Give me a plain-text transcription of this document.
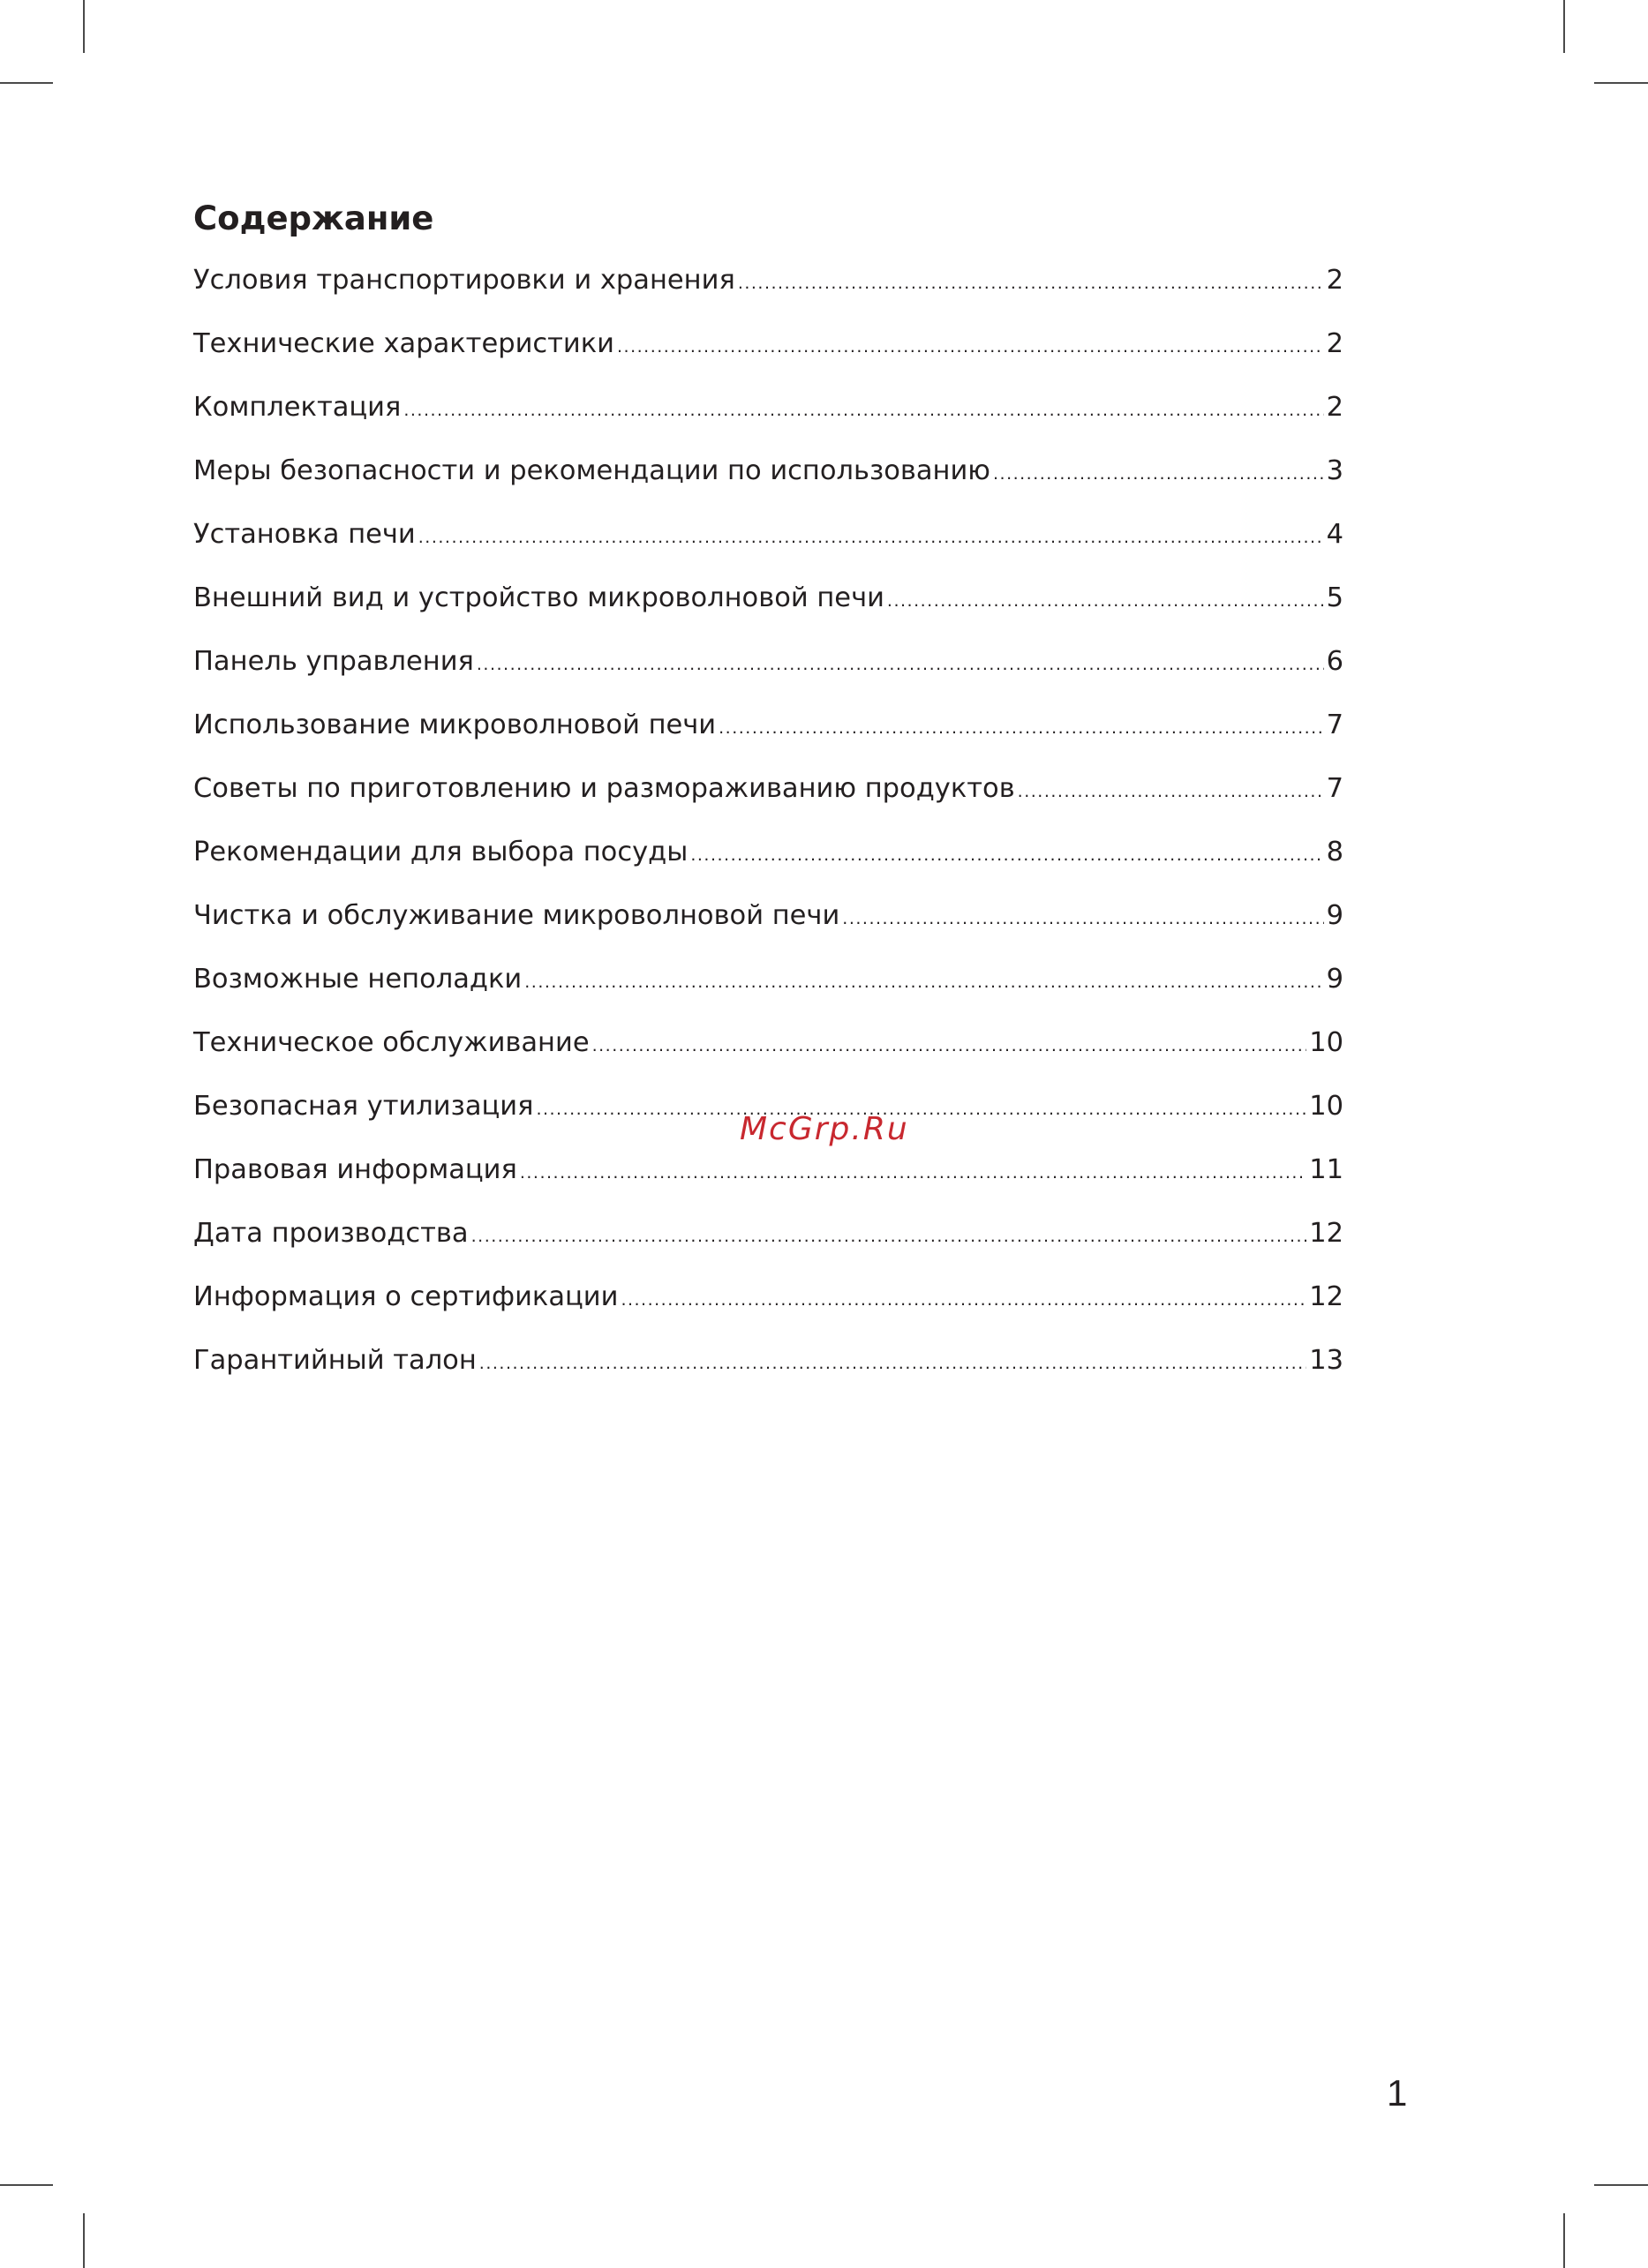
Содержание
Условия транспортировки и хранения .....	2
Технические характеристики .....	2
Комплектация .....	2
Меры безопасности и рекомендации по использованию .....	3
Установка печи .....	4
Внешний вид и устройство микроволновой печи .....	5
Панель управления .....	6
Использование микроволновой печи .....	7
Советы по приготовлению и размораживанию продуктов .....	7
Рекомендации для выбора посуды .....	8
Чистка и обслуживание микроволновой печи .....	9
Возможные неполадки .....	9
Техническое обслуживание .....	10
Безопасная утилизация .....	10
Правовая информация .....	11
Дата производства .....	12
Информация о сертификации .....	12
Гарантийный талон .....	13
McGrp.Ru
1
